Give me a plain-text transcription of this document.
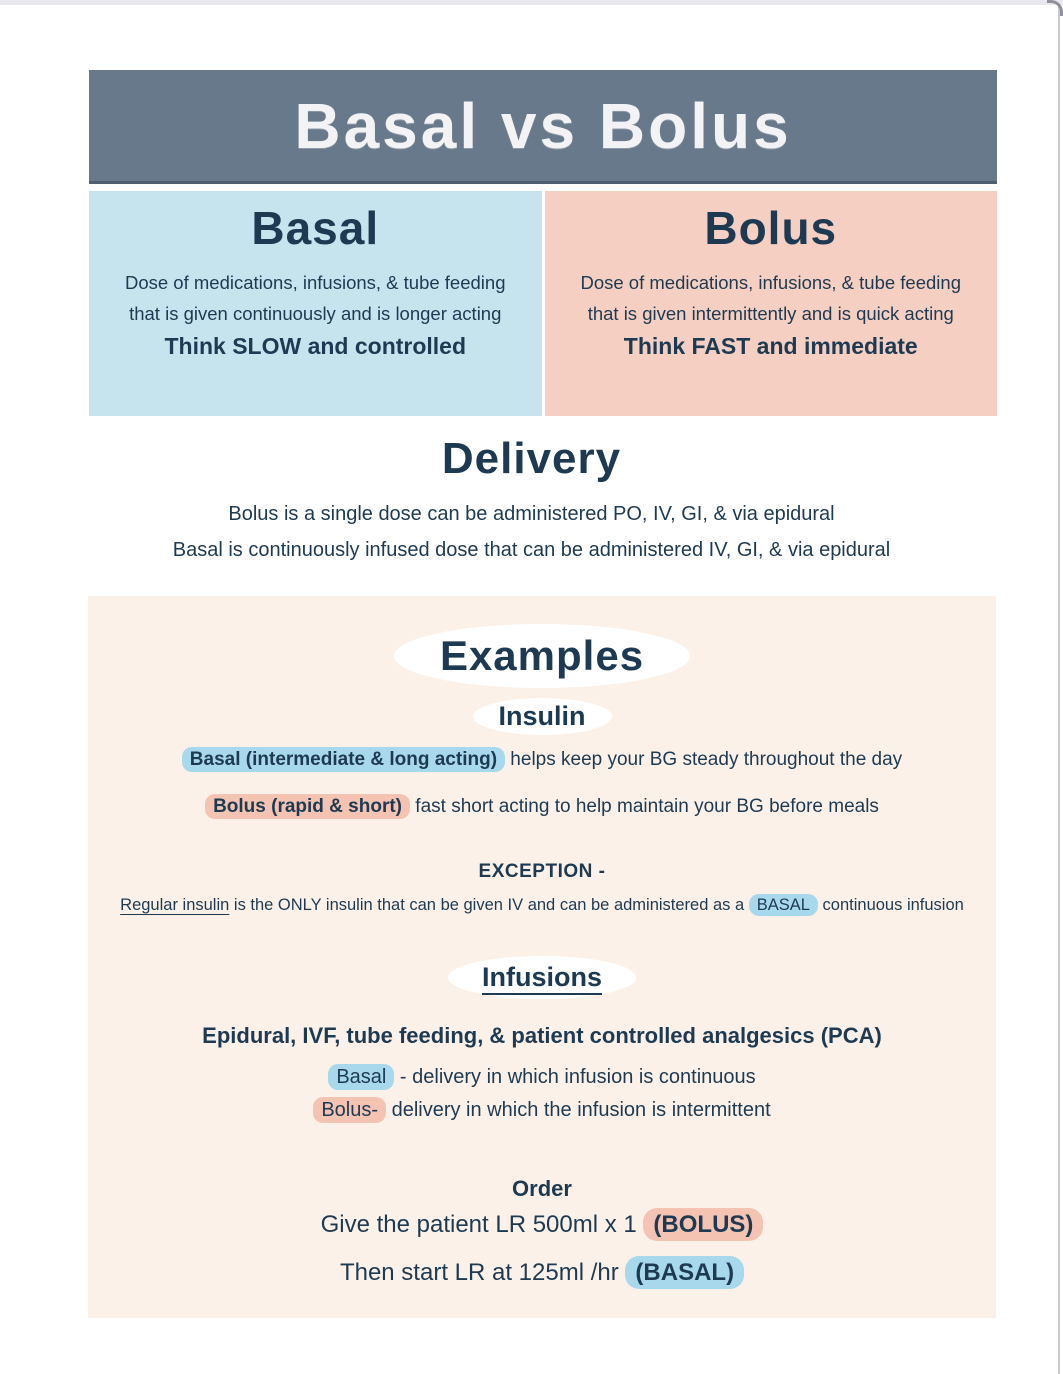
Basal vs Bolus
Basal
Dose of medications, infusions, & tube feeding
that is given continuously and is longer acting
Think SLOW and controlled
Bolus
Dose of medications, infusions, & tube feeding
that is given intermittently and is quick acting
Think FAST and immediate
Delivery
Bolus is a single dose can be administered PO, IV, GI, & via epidural
Basal is continuously infused dose that can be administered IV, GI, & via epidural
Examples
Insulin
Basal (intermediate & long acting) helps keep your BG steady throughout the day
Bolus (rapid & short) fast short acting to help maintain your BG before meals
EXCEPTION -
Regular insulin is the ONLY insulin that can be given IV and can be administered as a BASAL continuous infusion
Infusions
Epidural, IVF, tube feeding, & patient controlled analgesics (PCA)
Basal - delivery in which infusion is continuous
Bolus- delivery in which the infusion is intermittent
Order
Give the patient LR 500ml x 1 (BOLUS)
Then start LR at 125ml /hr (BASAL)
